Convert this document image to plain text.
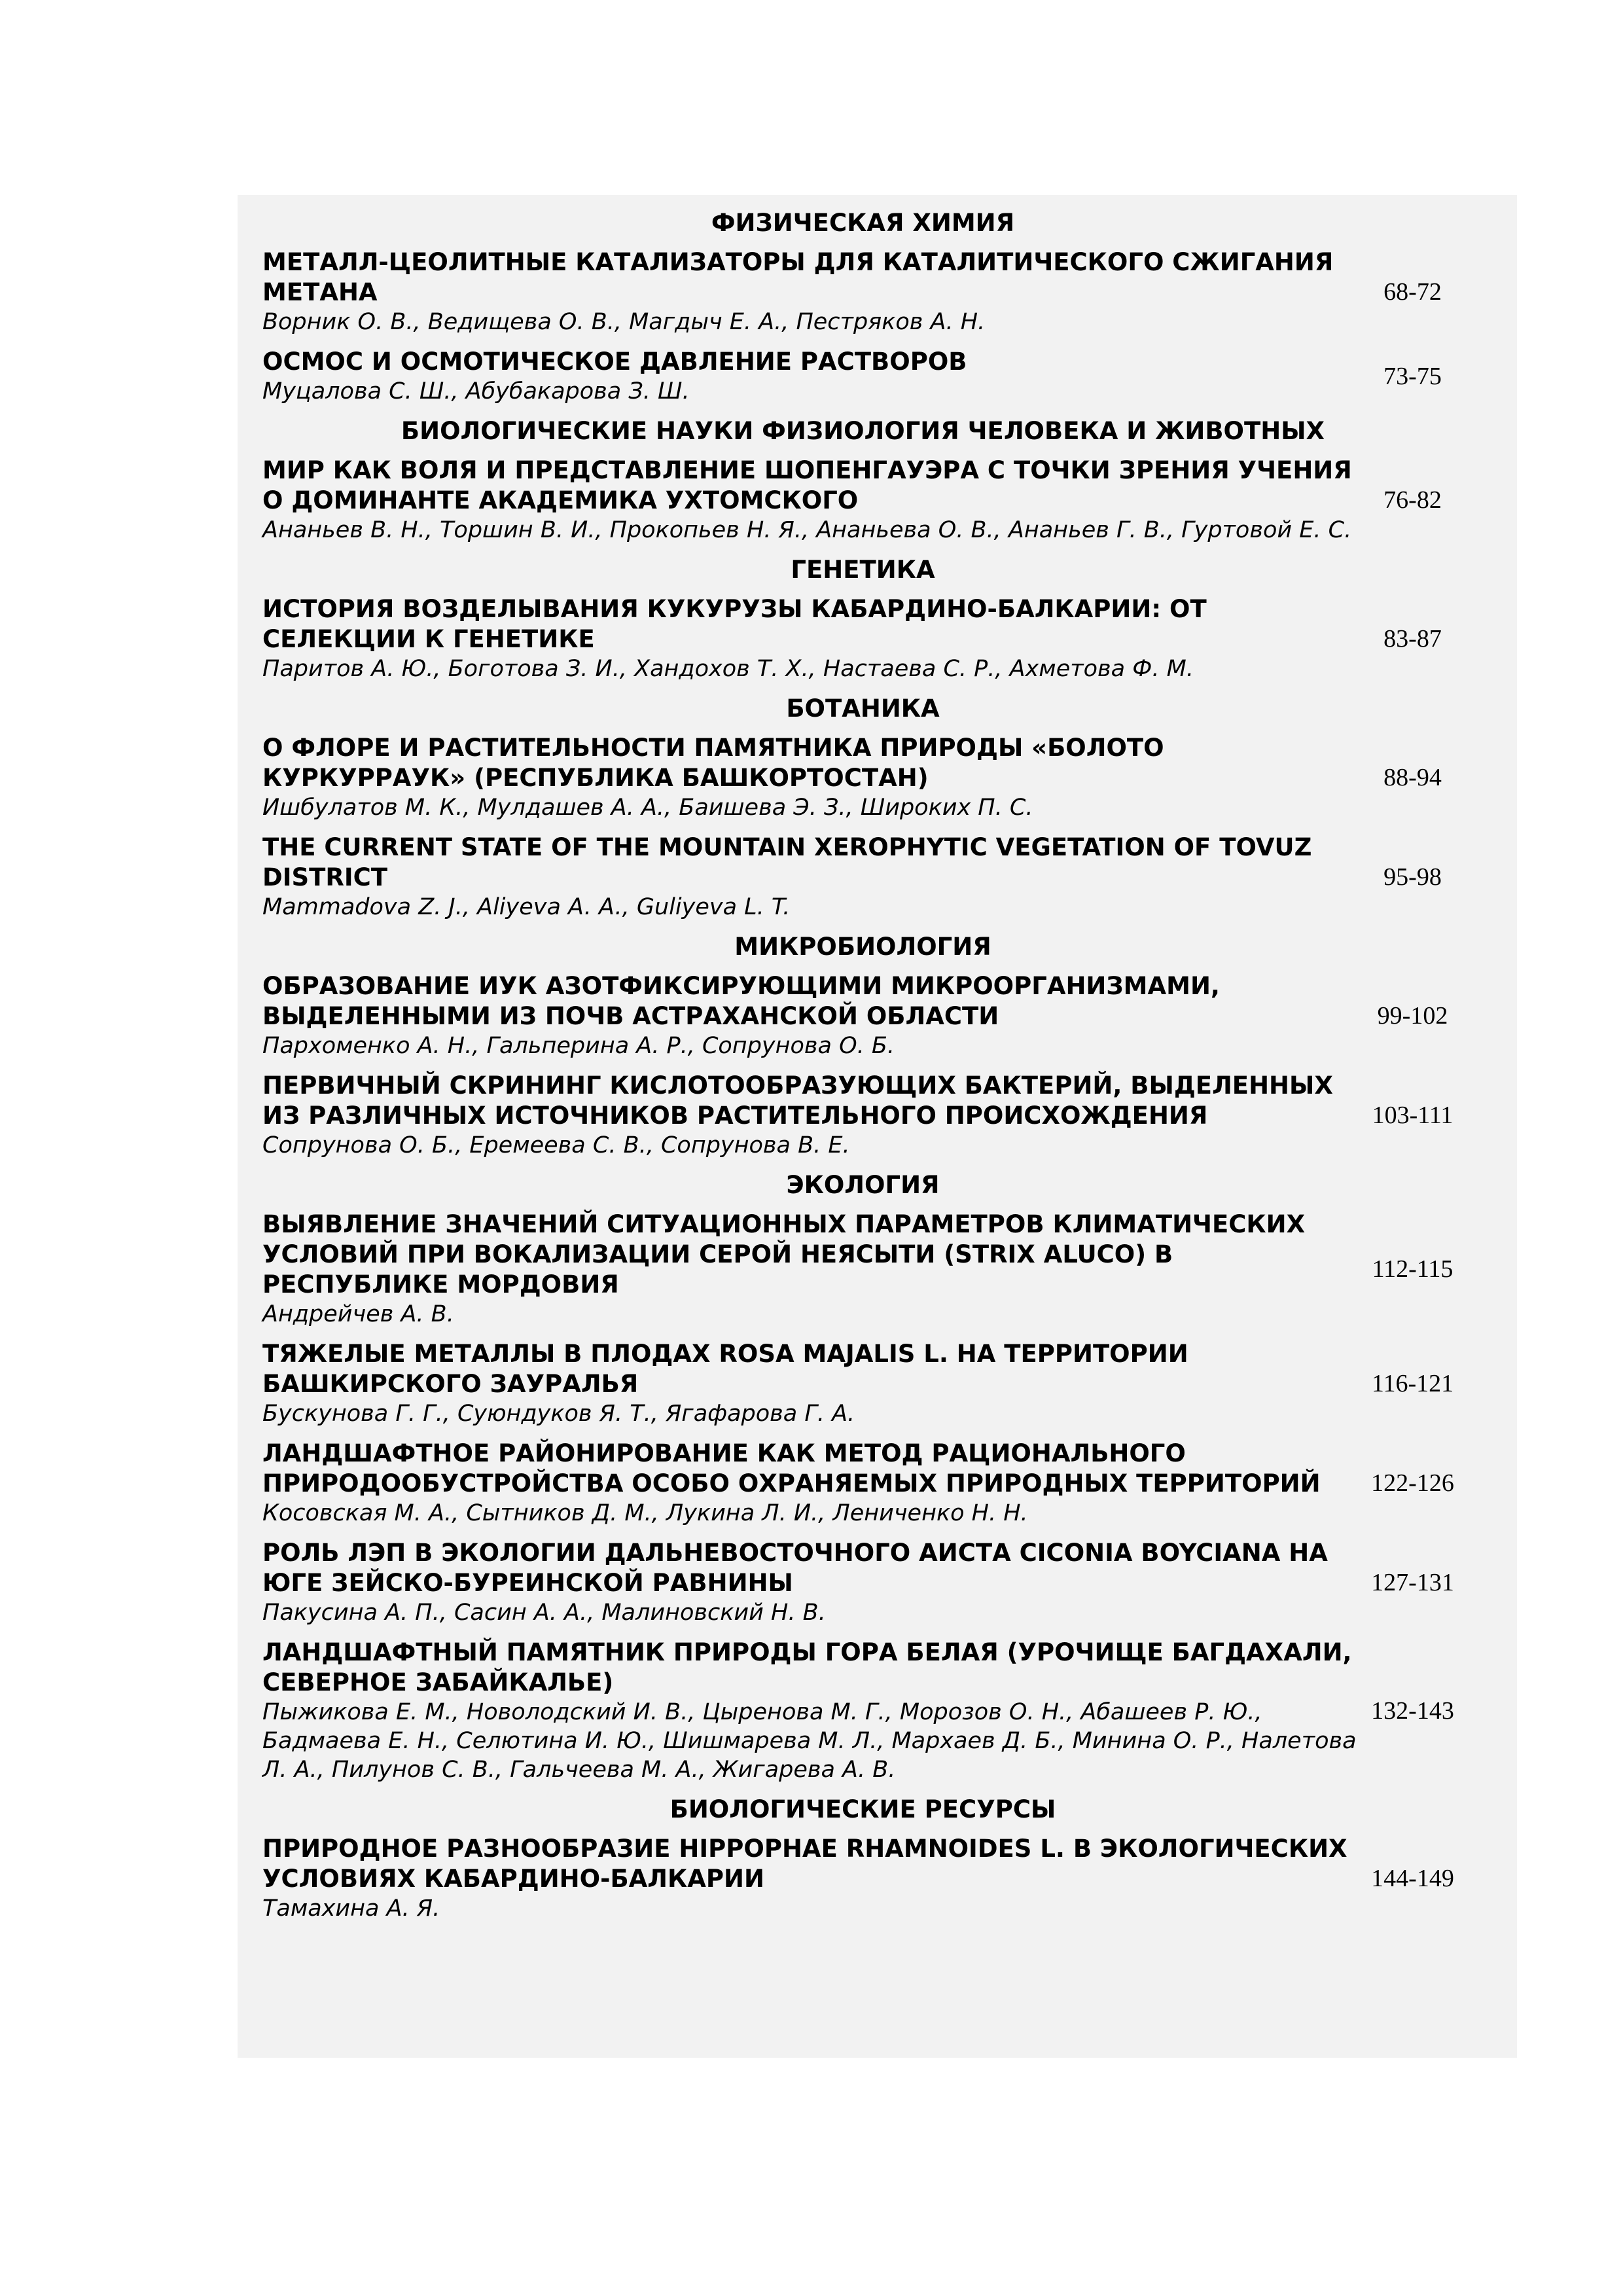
ФИЗИЧЕСКАЯ ХИМИЯ
МЕТАЛЛ-ЦЕОЛИТНЫЕ КАТАЛИЗАТОРЫ ДЛЯ КАТАЛИТИЧЕСКОГО СЖИГАНИЯ МЕТАНА
Ворник О. В., Ведищева О. В., Магдыч Е. А., Пестряков А. Н.
68-72
ОСМОС И ОСМОТИЧЕСКОЕ ДАВЛЕНИЕ РАСТВОРОВ
Муцалова С. Ш., Абубакарова З. Ш.
73-75
БИОЛОГИЧЕСКИЕ НАУКИ ФИЗИОЛОГИЯ ЧЕЛОВЕКА И ЖИВОТНЫХ
МИР КАК ВОЛЯ И ПРЕДСТАВЛЕНИЕ ШОПЕНГАУЭРА С ТОЧКИ ЗРЕНИЯ УЧЕНИЯ О ДОМИНАНТЕ АКАДЕМИКА УХТОМСКОГО
Ананьев В. Н., Торшин В. И., Прокопьев Н. Я., Ананьева О. В., Ананьев Г. В., Гуртовой Е. С.
76-82
ГЕНЕТИКА
ИСТОРИЯ ВОЗДЕЛЫВАНИЯ КУКУРУЗЫ КАБАРДИНО-БАЛКАРИИ: ОТ СЕЛЕКЦИИ К ГЕНЕТИКЕ
Паритов А. Ю., Боготова З. И., Хандохов Т. Х., Настаева С. Р., Ахметова Ф. М.
83-87
БОТАНИКА
О ФЛОРЕ И РАСТИТЕЛЬНОСТИ ПАМЯТНИКА ПРИРОДЫ «БОЛОТО КУРКУРРАУК» (РЕСПУБЛИКА БАШКОРТОСТАН)
Ишбулатов М. К., Мулдашев А. А., Баишева Э. З., Широких П. С.
88-94
THE CURRENT STATE OF THE MOUNTAIN XEROPHYTIC VEGETATION OF TOVUZ DISTRICT
Mammadova Z. J., Aliyeva A. A., Guliyeva L. T.
95-98
МИКРОБИОЛОГИЯ
ОБРАЗОВАНИЕ ИУК АЗОТФИКСИРУЮЩИМИ МИКРООРГАНИЗМАМИ, ВЫДЕЛЕННЫМИ ИЗ ПОЧВ АСТРАХАНСКОЙ ОБЛАСТИ
Пархоменко А. Н., Гальперина А. Р., Сопрунова О. Б.
99-102
ПЕРВИЧНЫЙ СКРИНИНГ КИСЛОТООБРАЗУЮЩИХ БАКТЕРИЙ, ВЫДЕЛЕННЫХ ИЗ РАЗЛИЧНЫХ ИСТОЧНИКОВ РАСТИТЕЛЬНОГО ПРОИСХОЖДЕНИЯ
Сопрунова О. Б., Еремеева С. В., Сопрунова В. Е.
103-111
ЭКОЛОГИЯ
ВЫЯВЛЕНИЕ ЗНАЧЕНИЙ СИТУАЦИОННЫХ ПАРАМЕТРОВ КЛИМАТИЧЕСКИХ УСЛОВИЙ ПРИ ВОКАЛИЗАЦИИ СЕРОЙ НЕЯСЫТИ (STRIX ALUCO) В РЕСПУБЛИКЕ МОРДОВИЯ
Андрейчев А. В.
112-115
ТЯЖЕЛЫЕ МЕТАЛЛЫ В ПЛОДАХ ROSA MAJALIS L. НА ТЕРРИТОРИИ БАШКИРСКОГО ЗАУРАЛЬЯ
Бускунова Г. Г., Суюндуков Я. Т., Ягафарова Г. А.
116-121
ЛАНДШАФТНОЕ РАЙОНИРОВАНИЕ КАК МЕТОД РАЦИОНАЛЬНОГО ПРИРОДООБУСТРОЙСТВА ОСОБО ОХРАНЯЕМЫХ ПРИРОДНЫХ ТЕРРИТОРИЙ
Косовская М. А., Сытников Д. М., Лукина Л. И., Лениченко Н. Н.
122-126
РОЛЬ ЛЭП В ЭКОЛОГИИ ДАЛЬНЕВОСТОЧНОГО АИСТА CICONIA BOYCIANA НА ЮГЕ ЗЕЙСКО-БУРЕИНСКОЙ РАВНИНЫ
Пакусина А. П., Сасин А. А., Малиновский Н. В.
127-131
ЛАНДШАФТНЫЙ ПАМЯТНИК ПРИРОДЫ ГОРА БЕЛАЯ (УРОЧИЩЕ БАГДАХАЛИ, СЕВЕРНОЕ ЗАБАЙКАЛЬЕ)
Пыжикова Е. М., Новолодский И. В., Цыренова М. Г., Морозов О. Н., Абашеев Р. Ю., Бадмаева Е. Н., Селютина И. Ю., Шишмарева М. Л., Мархаев Д. Б., Минина О. Р., Налетова Л. А., Пилунов С. В., Гальчеева М. А., Жигарева А. В.
132-143
БИОЛОГИЧЕСКИЕ РЕСУРСЫ
ПРИРОДНОЕ РАЗНООБРАЗИЕ HIPPOPHAE RHAMNOIDES L. В ЭКОЛОГИЧЕСКИХ УСЛОВИЯХ КАБАРДИНО-БАЛКАРИИ
Тамахина А. Я.
144-149
